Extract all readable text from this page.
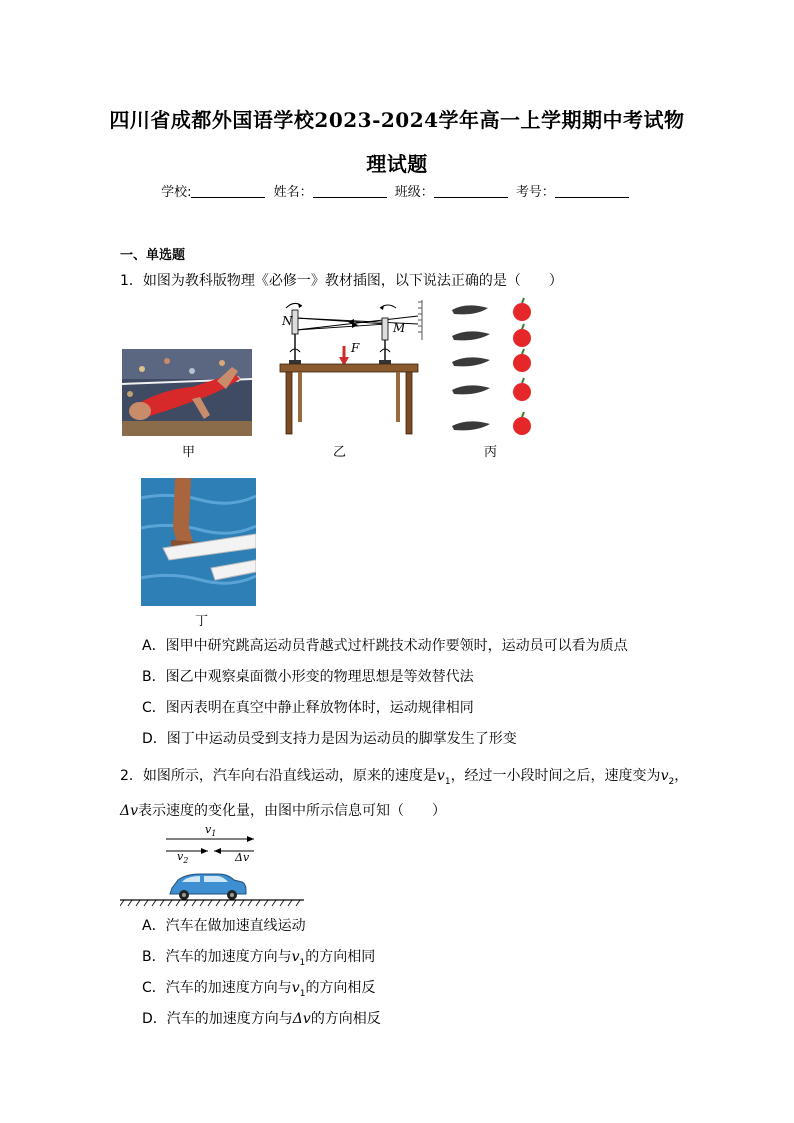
四川省成都外国语学校2023-2024学年高一上学期期中考试物
理试题
学校:	姓名：	班级：	考号：
一、单选题
1．如图为教科版物理《必修一》教材插图，以下说法正确的是（　　）
甲
N	M
F
乙	丙
丁
A．图甲中研究跳高运动员背越式过杆跳技术动作要领时，运动员可以看为质点
B．图乙中观察桌面微小形变的物理思想是等效替代法
C．图丙表明在真空中静止释放物体时，运动规律相同
D．图丁中运动员受到支持力是因为运动员的脚掌发生了形变
2．如图所示，汽车向右沿直线运动，原来的速度是$v_1$，经过一小段时间之后，速度变为$v_2$，
Δv表示速度的变化量，由图中所示信息可知（　　）
$v_1$
$v_2$	Δv
A．汽车在做加速直线运动
B．汽车的加速度方向与$v_1$的方向相同
C．汽车的加速度方向与$v_1$的方向相反
D．汽车的加速度方向与Δv的方向相反
